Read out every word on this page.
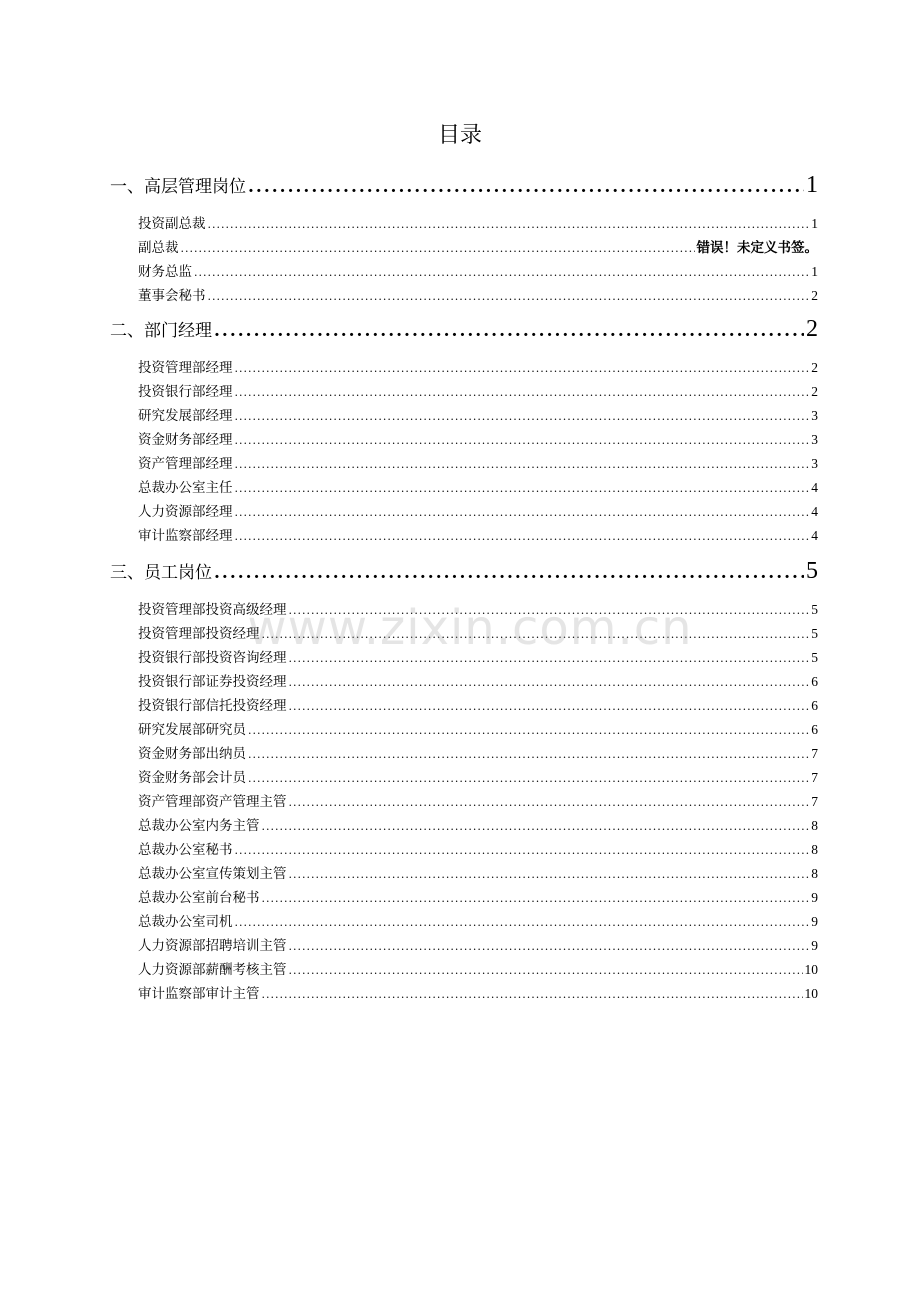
目录
一、高层管理岗位 .....	1
投资副总裁 .....	1
副总裁 .....	错误！未定义书签。
财务总监 .....	1
董事会秘书 .....	2
二、部门经理 .....	2
投资管理部经理 .....	2
投资银行部经理 .....	2
研究发展部经理 .....	3
资金财务部经理 .....	3
资产管理部经理 .....	3
总裁办公室主任 .....	4
人力资源部经理 .....	4
审计监察部经理 .....	4
三、员工岗位 .....	5
投资管理部投资高级经理 .....	5
投资管理部投资经理 .....	5
投资银行部投资咨询经理 .....	5
投资银行部证券投资经理 .....	6
投资银行部信托投资经理 .....	6
研究发展部研究员 .....	6
资金财务部出纳员 .....	7
资金财务部会计员 .....	7
资产管理部资产管理主管 .....	7
总裁办公室内务主管 .....	8
总裁办公室秘书 .....	8
总裁办公室宣传策划主管 .....	8
总裁办公室前台秘书 .....	9
总裁办公室司机 .....	9
人力资源部招聘培训主管 .....	9
人力资源部薪酬考核主管 .....	10
审计监察部审计主管 .....	10
www.zixin.com.cn
